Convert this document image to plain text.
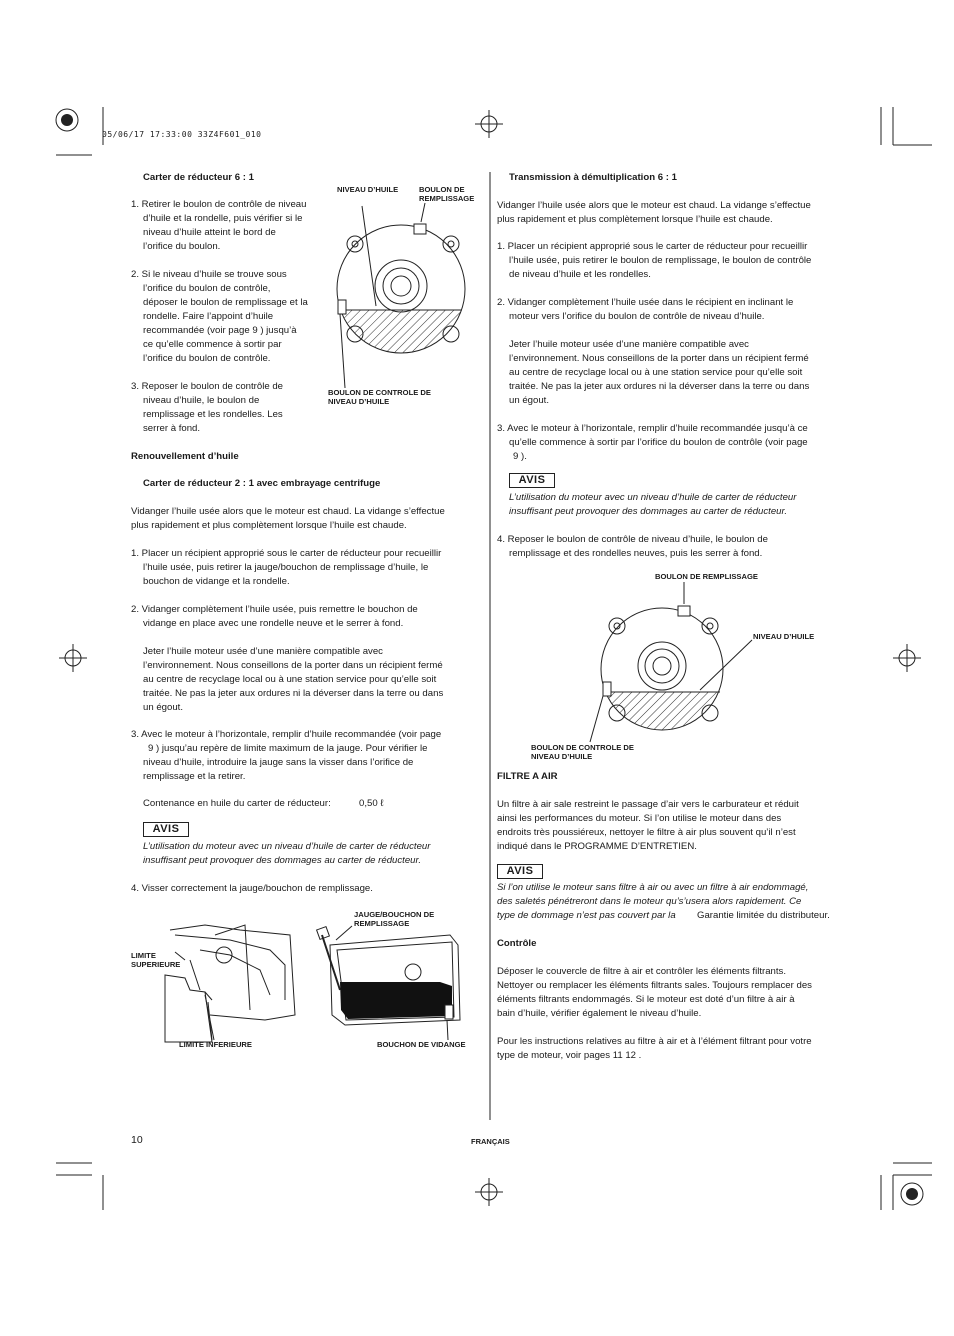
05/06/17 17:33:00 33Z4F601_010
Carter de réducteur 6 : 1
1. Retirer le boulon de contrôle de niveau
d’huile et la rondelle, puis vérifier si le
niveau d’huile atteint le bord de
l’orifice du boulon.
2. Si le niveau d’huile se trouve sous
l’orifice du boulon de contrôle,
déposer le boulon de remplissage et la
rondelle. Faire l’appoint d’huile
recommandée (voir page 9 ) jusqu’à
ce qu’elle commence à sortir par
l’orifice du boulon de contrôle.
3. Reposer le boulon de contrôle de
niveau d’huile, le boulon de
remplissage et les rondelles. Les
serrer à fond.
NIVEAU D’HUILE	BOULON DE
REMPLISSAGE
BOULON DE CONTROLE DE
NIVEAU D’HUILE
Renouvellement d’huile
Carter de réducteur 2 : 1 avec embrayage centrifuge
Vidanger l’huile usée alors que le moteur est chaud. La vidange s’effectue
plus rapidement et plus complètement lorsque l’huile est chaude.
1. Placer un récipient approprié sous le carter de réducteur pour recueillir
l’huile usée, puis retirer la jauge/bouchon de remplissage d’huile, le
bouchon de vidange et la rondelle.
2. Vidanger complètement l’huile usée, puis remettre le bouchon de
vidange en place avec une rondelle neuve et le serrer à fond.
Jeter l’huile moteur usée d’une manière compatible avec
l’environnement. Nous conseillons de la porter dans un récipient fermé
au centre de recyclage local ou à une station service pour qu’elle soit
traitée. Ne pas la jeter aux ordures ni la déverser dans la terre ou dans
un égout.
3. Avec le moteur à l’horizontale, remplir d’huile recommandée (voir page
9 ) jusqu’au repère de limite maximum de la jauge. Pour vérifier le
niveau d’huile, introduire la jauge sans la visser dans l’orifice de
remplissage et la retirer.
Contenance en huile du carter de réducteur:	0,50 ℓ
AVIS
L’utilisation du moteur avec un niveau d’huile de carter de réducteur
insuffisant peut provoquer des dommages au carter de réducteur.
4. Visser correctement la jauge/bouchon de remplissage.
LIMITE
SUPERIEURE
LIMITE INFERIEURE
JAUGE/BOUCHON DE
REMPLISSAGE
BOUCHON DE VIDANGE
Transmission à démultiplication 6 : 1
Vidanger l’huile usée alors que le moteur est chaud. La vidange s’effectue
plus rapidement et plus complètement lorsque l’huile est chaude.
1. Placer un récipient approprié sous le carter de réducteur pour recueillir
l’huile usée, puis retirer le boulon de remplissage, le boulon de contrôle
de niveau d’huile et les rondelles.
2. Vidanger complètement l’huile usée dans le récipient en inclinant le
moteur vers l’orifice du boulon de contrôle de niveau d’huile.
Jeter l’huile moteur usée d’une manière compatible avec
l’environnement. Nous conseillons de la porter dans un récipient fermé
au centre de recyclage local ou à une station service pour qu’elle soit
traitée. Ne pas la jeter aux ordures ni la déverser dans la terre ou dans
un égout.
3. Avec le moteur à l’horizontale, remplir d’huile recommandée jusqu’à ce
qu’elle commence à sortir par l’orifice du boulon de contrôle (voir page
9 ).
AVIS
L’utilisation du moteur avec un niveau d’huile de carter de réducteur
insuffisant peut provoquer des dommages au carter de réducteur.
4. Reposer le boulon de contrôle de niveau d’huile, le boulon de
remplissage et des rondelles neuves, puis les serrer à fond.
BOULON DE REMPLISSAGE
NIVEAU D’HUILE
BOULON DE CONTROLE DE
NIVEAU D’HUILE
FILTRE A AIR
Un filtre à air sale restreint le passage d’air vers le carburateur et réduit
ainsi les performances du moteur. Si l’on utilise le moteur dans des
endroits très poussiéreux, nettoyer le filtre à air plus souvent qu’il n’est
indiqué dans le PROGRAMME D’ENTRETIEN.
AVIS
Si l’on utilise le moteur sans filtre à air ou avec un filtre à air endommagé,
des saletés pénétreront dans le moteur qu’s’usera alors rapidement. Ce
type de dommage n’est pas couvert par la Garantie limitée du distributeur.
Contrôle
Déposer le couvercle de filtre à air et contrôler les éléments filtrants.
Nettoyer ou remplacer les éléments filtrants sales. Toujours remplacer des
éléments filtrants endommagés. Si le moteur est doté d’un filtre à air à
bain d’huile, vérifier également le niveau d’huile.
Pour les instructions relatives au filtre à air et à l’élément filtrant pour votre
type de moteur, voir pages 11 12 .
10	FRANÇAIS
